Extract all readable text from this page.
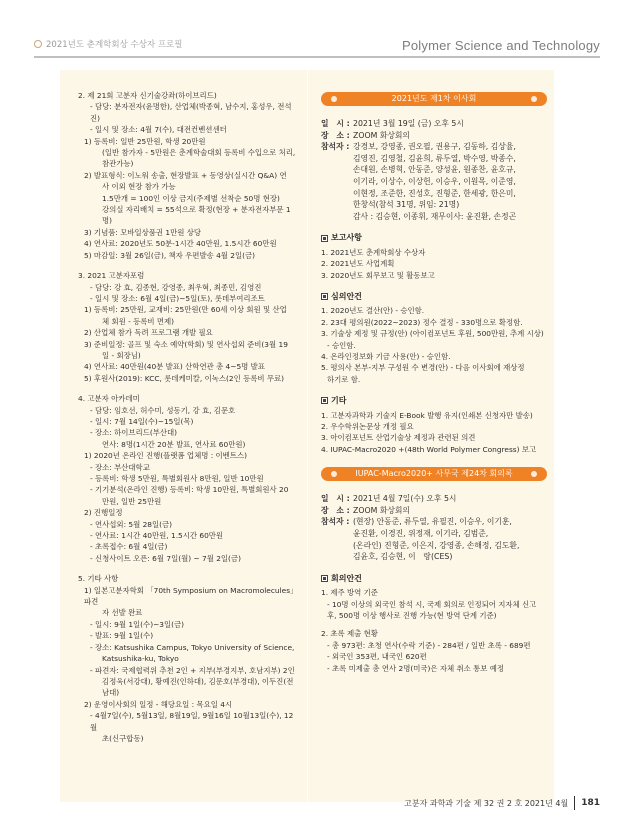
2021년도 춘계학회상 수상자 프로필	Polymer Science and Technology
2. 제 21회 고분자 신기술강좌(하이브리드)
- 담당: 분자전자(윤명한), 산업체(박종혁, 남수지, 홍성우, 전석진)
- 일시 및 장소: 4월 7(수), 대전컨벤션센터
1) 등록비: 일반 25만원, 학생 20만원
(일반 참가자 - 5만원은 춘계학술대회 등록비 수입으로 처리,
참관가능)
2) 발표형식: 이노워 송출, 현장발표 + 동영상(실시간 Q&A) 연
사 이외 현장 참가 가능
1.5만개 = 100인 이상 금지(주제별 선착순 50명 현장)
강의실 자리배치 = 55석으로 확정(현장 + 분자전자부문 1명)
3) 기념품: 모바일상품권 1만원 상당
4) 연사료: 2020년도 50분-1시간 40만원, 1.5시간 60만원
5) 마감일: 3월 26일(금), 책자 우편발송 4월 2일(금)
3. 2021 고분자포럼
- 담당: 강 효, 김종현, 강영종, 최우혁, 최종민, 김영진
- 일시 및 장소: 6월 4일(금)~5일(토), 롯데부여리조트
1) 등록비: 25만원, 교재비: 25만원(만 60세 이상 회원 및 산업
체 회원 - 등록비 면제)
2) 산업체 참가 독려 프로그램 개발 필요
3) 준비일정: 골프 및 숙소 예약(학회) 및 연사섭외 준비(3월 19
일 - 회장님)
4) 연사료: 40만원(40분 발표) 산학연관 총 4~5명 발표
5) 후원사(2019): KCC, 롯데케미칼, 이녹스(2인 등록비 무료)
4. 고분자 아카데미
- 담당: 임호선, 허수미, 성동기, 강 효, 김문호
- 일시: 7월 14일(수)~15일(목)
- 장소: 하이브리드(부산대)
연사: 8명(1시간 20분 발표, 연사료 60만원)
1) 2020년 온라인 진행(플랫폼 업체명 : 이벤트스)
- 장소: 부산대학교
- 등록비: 학생 5만원, 특별회원사 8만원, 일반 10만원
- 기기분석(온라인 진행) 등록비: 학생 10만원, 특별회원사 20
만원, 일반 25만원
2) 진행일정
- 연사섭외: 5월 28일(금)
- 연사료: 1시간 40만원, 1.5시간 60만원
- 초록접수: 6월 4일(금)
- 신청사이트 오픈: 6월 7일(월) ~ 7월 2일(금)
5. 기타 사항
1) 일본고분자학회 「70th Symposium on Macromolecules」 파견
자 선발 완료
- 일시: 9월 1일(수)~3일(금)
- 발표: 9월 1일(수)
- 장소: Katsushika Campus, Tokyo University of Science,
Katsushika-ku, Tokyo
- 파견자: 국제협력위 추천 2인 + 지부(부경지부, 호남지부) 2인
김정욱(서강대), 황예진(인하대), 김문호(부경대), 이두진(전남대)
2) 운영이사회의 일정 - 해당요일 : 목요일 4시
- 4월7일(수), 5월13일, 8월19일, 9월16일 10월13일(수), 12월
초(신구합동)
2021년도 제1차 이사회
일　시 : 2021년 3월 19일 (금) 오후 5시
장　소 : ZOOM 화상회의
참석자 : 강경보, 강영종, 권오필, 권용구, 김동하, 김상율,
김영진, 김영철, 김윤희, 류두열, 박수영, 박종수,
손대원, 손병혁, 안동준, 양성윤, 원종찬, 윤호규,
이기라, 이상수, 이상헌, 이승우, 이원목, 이준영,
이현정, 조준한, 진성호, 진형준, 한세광, 한은미,
한창석(참석 31명, 위임: 21명)
감사 : 김승현, 이종휘, 재무이사: 윤진환, 손정곤
보고사항
1. 2021년도 춘계학회상 수상자
2. 2021년도 사업계획
3. 2020년도 회무보고 및 활동보고
심의안건
1. 2020년도 결산(안) - 승인함.
2. 23대 평의원(2022~2023) 정수 결정 - 330명으로 확정함.
3. 기술상 제정 및 규정(안) (아이컴포넌트 후원, 500만원, 추계 시상)
- 승인함.
4. 온라인정보화 기금 사용(안) - 승인함.
5. 평의사 본부-지부 구성원 수 변경(안) - 다음 이사회에 재상정
하기로 함.
기타
1. 고분자과학과 기술지 E-Book 발행 유지(인쇄본 신청자만 발송)
2. 우수학위논문상 개정 필요
3. 아이컴포넌트 산업기술상 제정과 관련된 의견
4. IUPAC-Macro2020 +(48th World Polymer Congress) 보고
IUPAC-Macro2020+ 사무국 제24차 회의록
일　시 : 2021년 4월 7일(수) 오후 5시
장　소 : ZOOM 화상회의
참석자 : (현장) 안동준, 류두열, 유필진, 이승우, 이기훈,
윤진환, 이경진, 위정재, 이기라, 김범준,
(온라인) 진형준, 이은지, 강영종, 손해정, 김도환,
김윤호, 김승현, 이　랑(CES)
회의안건
1. 제주 방역 기준
- 10명 이상의 외국인 참석 시, 국제 회의로 인정되어 지자체 신고
후, 500명 이상 행사로 진행 가능(현 방역 단계 기준)
2. 초록 제출 현황
- 총 973편: 초청 연사(수락 기준) - 284편 / 일반 초록 - 689편
- 외국인 353편, 내국인 620편
- 초록 미제출 총 연사 2명(미국)은 자체 취소 통보 예정
고분자 과학과 기술 제 32 권 2 호 2021년 4월 181
